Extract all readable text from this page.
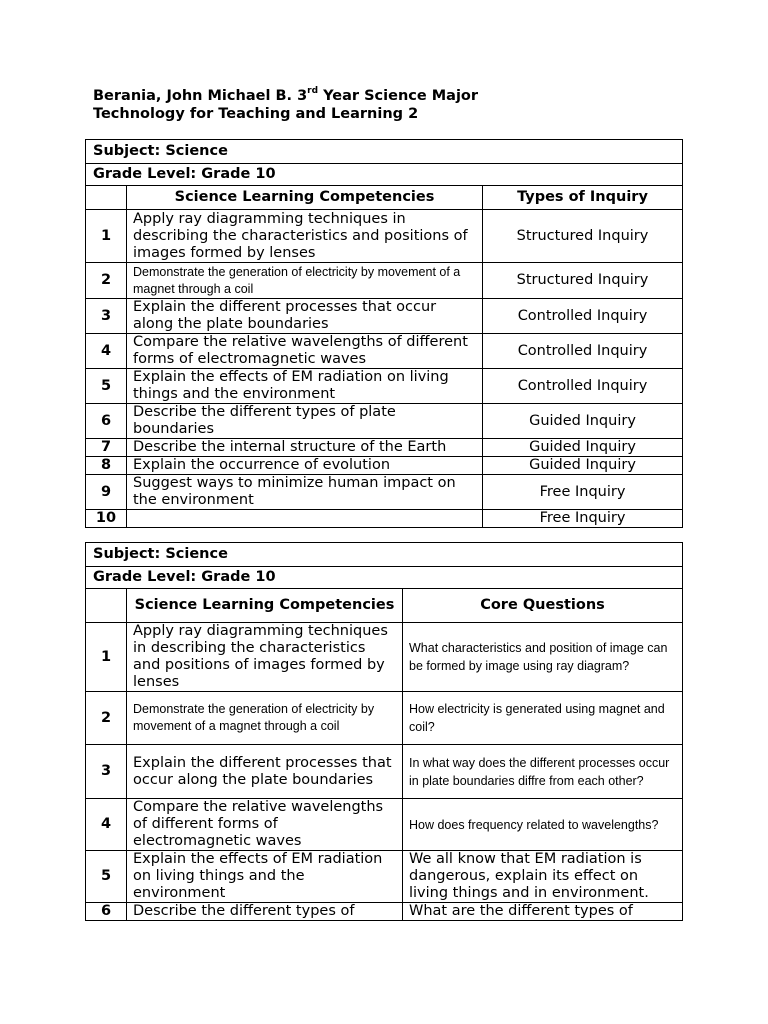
Berania, John Michael B. 3rd Year Science Major
Technology for Teaching and Learning 2
Subject: Science		
Grade Level: Grade 10		
	Science Learning Competencies	Types of Inquiry
1	Apply ray diagramming techniques in describing the characteristics and positions of images formed by lenses	Structured Inquiry
2	Demonstrate the generation of electricity by movement of a magnet through a coil	Structured Inquiry
3	Explain the different processes that occur along the plate boundaries	Controlled Inquiry
4	Compare the relative wavelengths of different forms of electromagnetic waves	Controlled Inquiry
5	Explain the effects of EM radiation on living things and the environment	Controlled Inquiry
6	Describe the different types of plate boundaries	Guided Inquiry
7	Describe the internal structure of the Earth	Guided Inquiry
8	Explain the occurrence of evolution	Guided Inquiry
9	Suggest ways to minimize human impact on the environment	Free Inquiry
10		Free Inquiry
Subject: Science		
Grade Level: Grade 10		
	Science Learning Competencies	Core Questions
1	Apply ray diagramming techniques in describing the characteristics and positions of images formed by lenses	What characteristics and position of image can be formed by image using ray diagram?
2	Demonstrate the generation of electricity by movement of a magnet through a coil	How electricity is generated using magnet and coil?
3	Explain the different processes that occur along the plate boundaries	In what way does the different processes occur in plate boundaries diffre from each other?
4	Compare the relative wavelengths of different forms of electromagnetic waves	How does frequency related to wavelengths?
5	Explain the effects of EM radiation on living things and the environment	We all know that EM radiation is dangerous, explain its effect on living things and in environment.
6	Describe the different types of	What are the different types of
